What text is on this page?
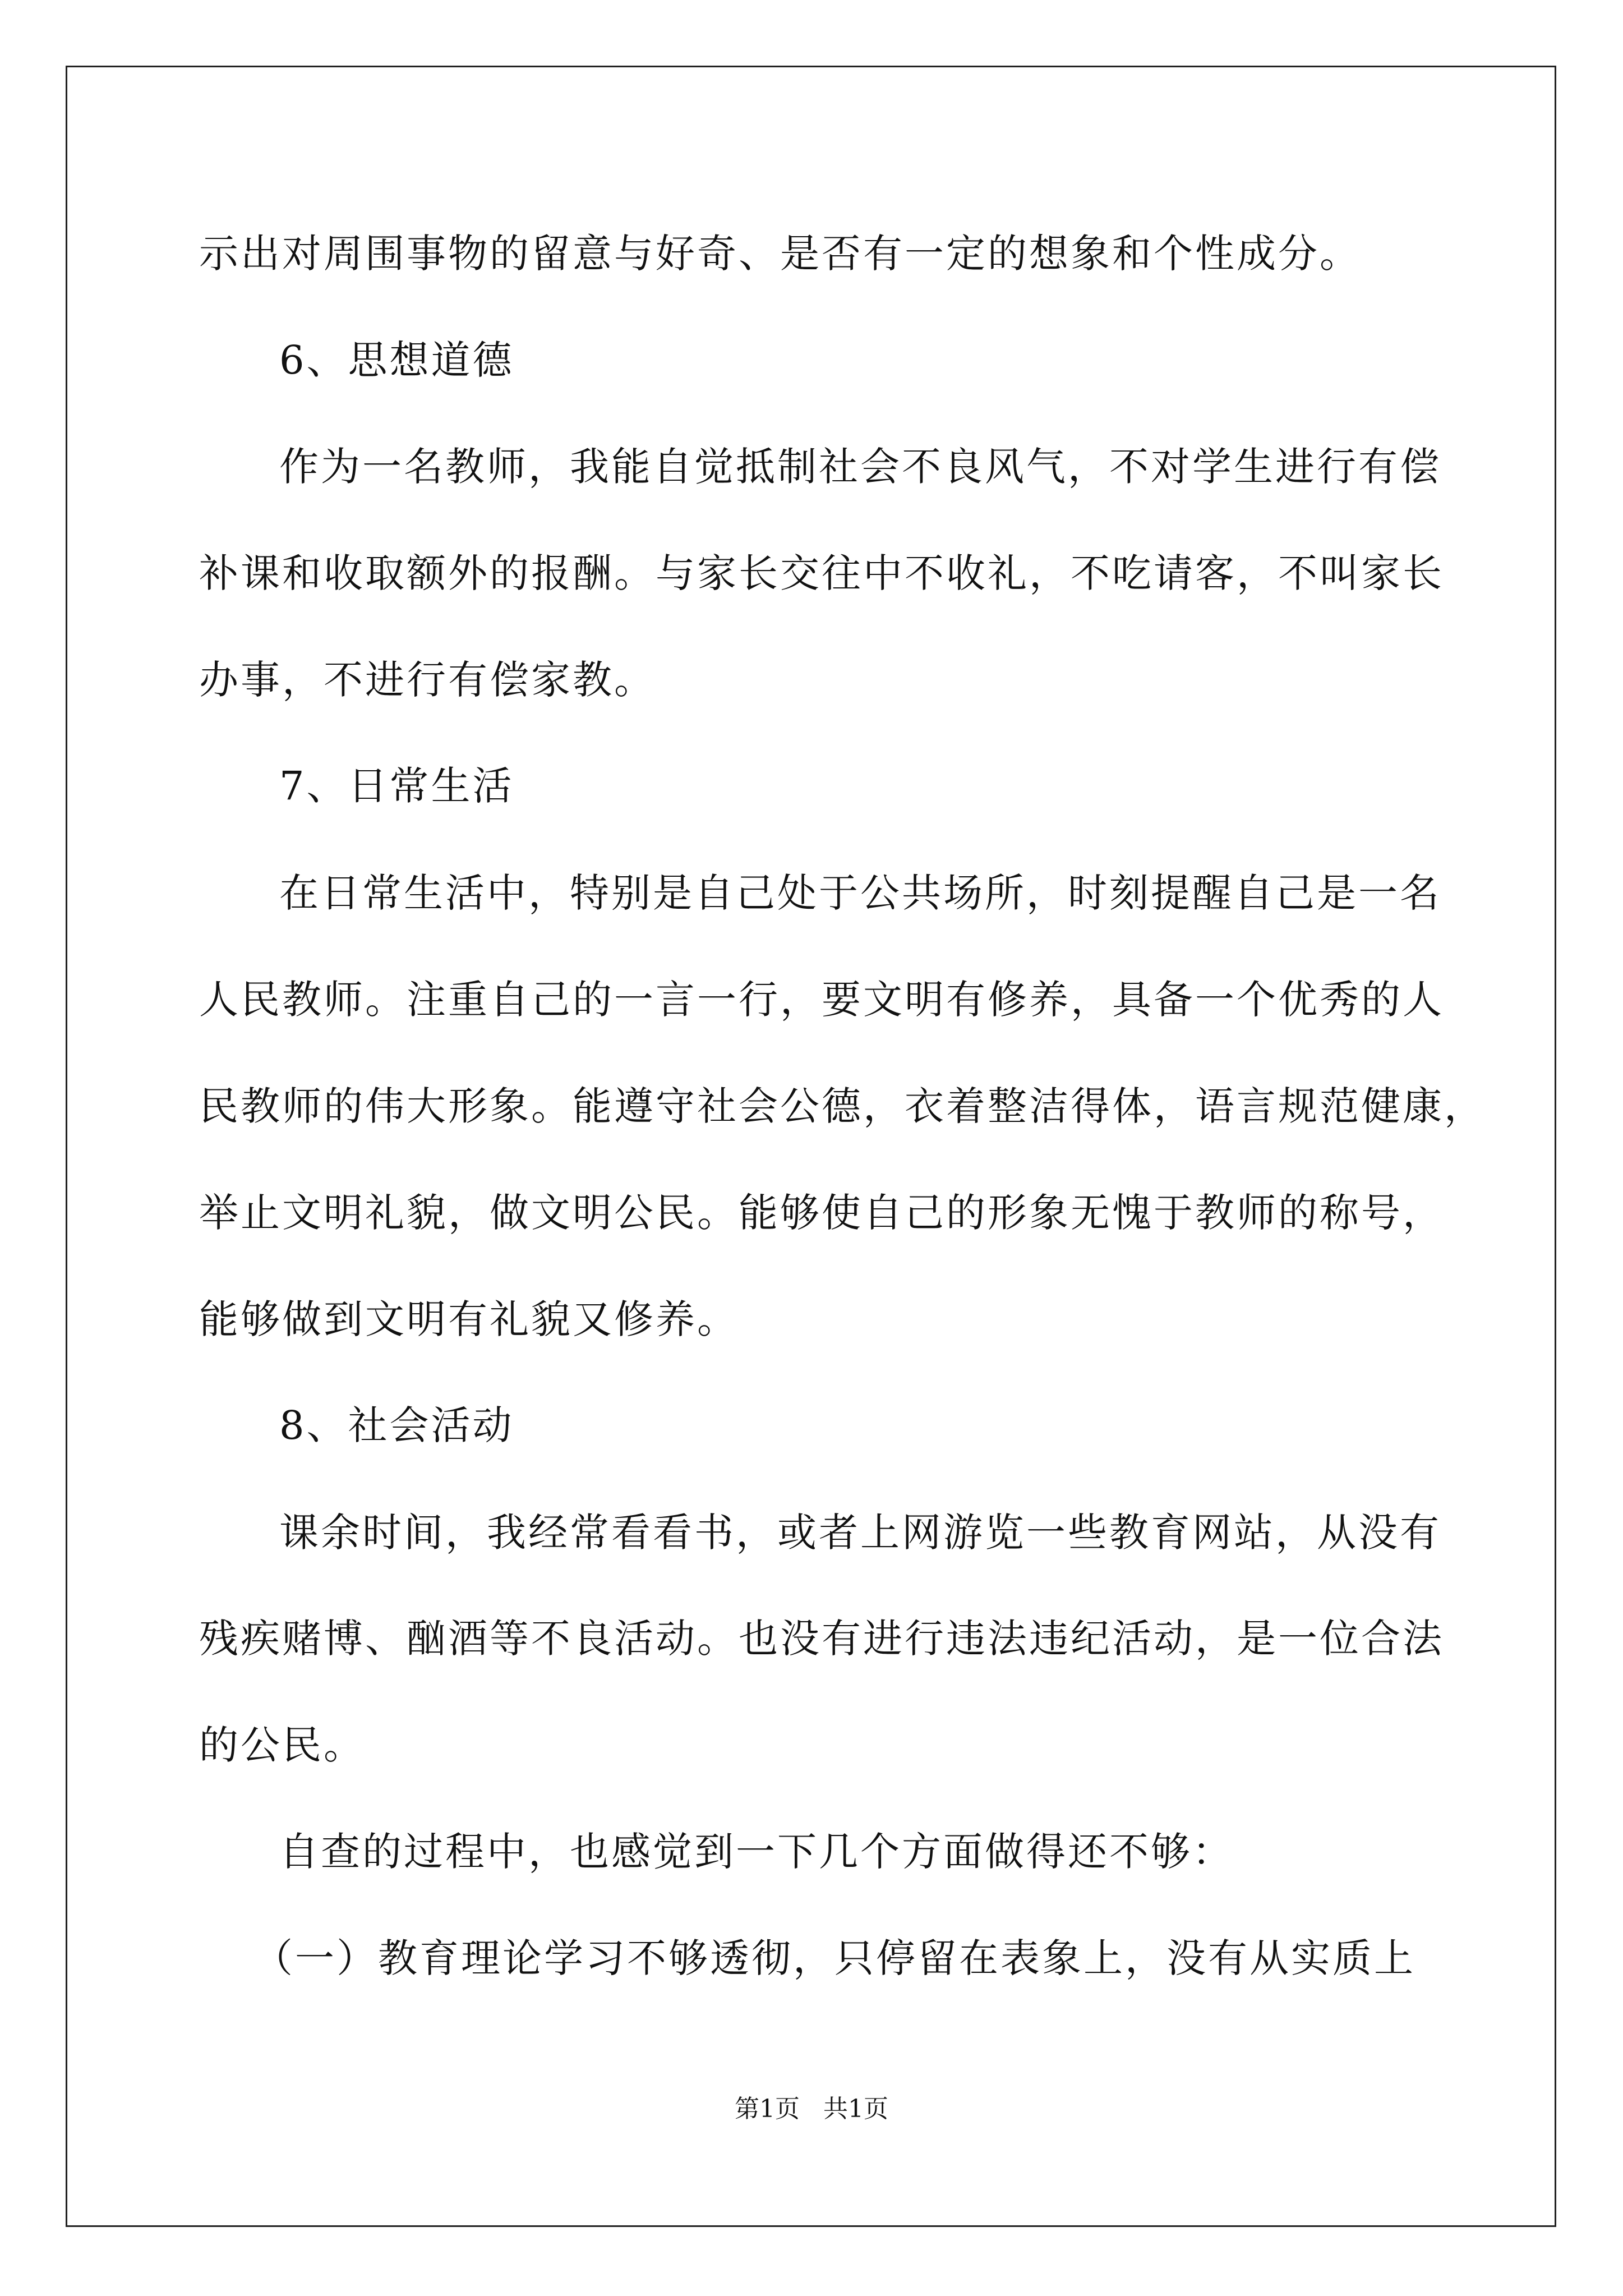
示出对周围事物的留意与好奇、是否有一定的想象和个性成分。
6、思想道德
作为一名教师，我能自觉抵制社会不良风气，不对学生进行有偿
补课和收取额外的报酬。与家长交往中不收礼，不吃请客，不叫家长
办事，不进行有偿家教。
7、日常生活
在日常生活中，特别是自己处于公共场所，时刻提醒自己是一名
人民教师。注重自己的一言一行，要文明有修养，具备一个优秀的人
民教师的伟大形象。能遵守社会公德，衣着整洁得体，语言规范健康，
举止文明礼貌，做文明公民。能够使自己的形象无愧于教师的称号，
能够做到文明有礼貌又修养。
8、社会活动
课余时间，我经常看看书，或者上网游览一些教育网站，从没有
残疾赌博、酗酒等不良活动。也没有进行违法违纪活动，是一位合法
的公民。
自查的过程中，也感觉到一下几个方面做得还不够：
（一）教育理论学习不够透彻，只停留在表象上，没有从实质上
第1页   共1页
